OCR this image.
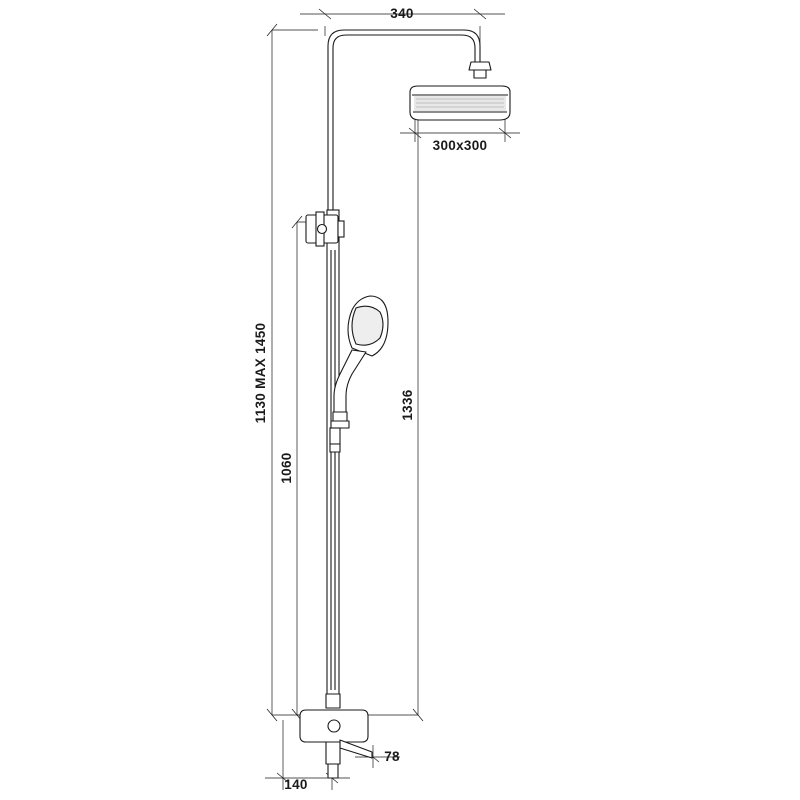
340
300x300
1130 MAX 1450
1060
1336
78
140
